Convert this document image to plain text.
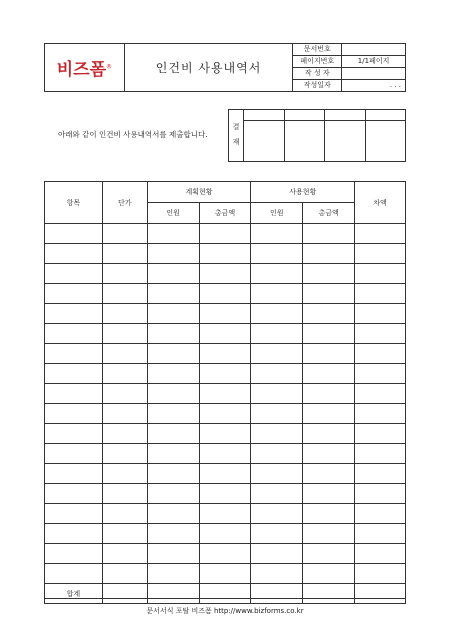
비즈폼®	인건비 사용내역서	문서번호	
		페이지번호	1/1페이지
		작 성 자	
		작성일자	. . .
아래와 같이 인건비 사용내역서를 제출합니다.
결

재				

항목	단가	계획현황		사용현황		차액
		인원	총금액	인원	총금액	

합계						
문서서식 포탈 비즈폼 http://www.bizforms.co.kr
